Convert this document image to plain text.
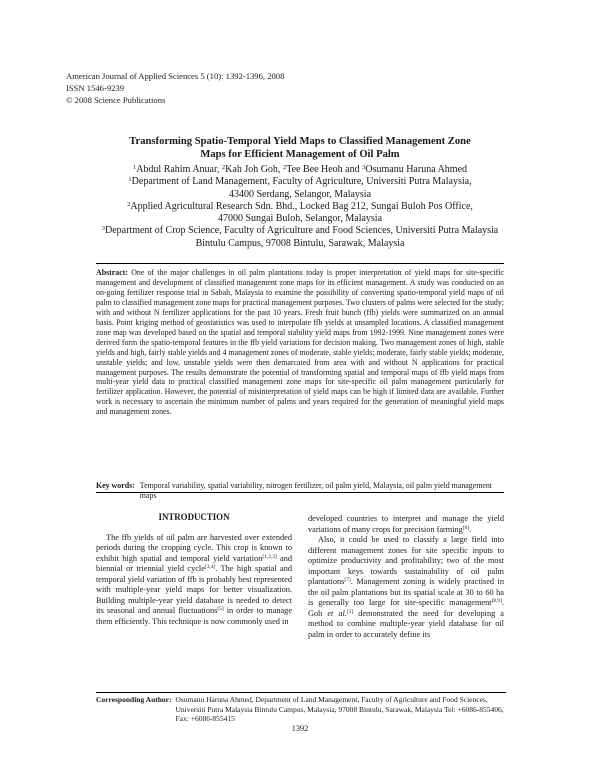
American Journal of Applied Sciences 5 (10): 1392-1396, 2008
ISSN 1546-9239
© 2008 Science Publications
Transforming Spatio-Temporal Yield Maps to Classified Management Zone
Maps for Efficient Management of Oil Palm
$^1$Abdul Rahim Anuar, $^2$Kah Joh Goh, $^2$Tee Bee Heoh and $^3$Osumanu Haruna Ahmed
$^1$Department of Land Management, Faculty of Agriculture, Universiti Putra Malaysia,
43400 Serdang, Selangor, Malaysia
$^2$Applied Agricultural Research Sdn. Bhd., Locked Bag 212, Sungai Buloh Pos Office,
47000 Sungai Buloh, Selangor, Malaysia
$^3$Department of Crop Science, Faculty of Agriculture and Food Sciences, Universiti Putra Malaysia
Bintulu Campus, 97008 Bintulu, Sarawak, Malaysia

Abstract: One of the major challenges in oil palm plantations today is proper interpretation of yield maps for site-specific management and development of classified management zone maps for its efficient management. A study was conducted on an on-going fertilizer response trial in Sabah, Malaysia to examine the possibility of converting spatio-temporal yield maps of oil palm to classified management zone maps for practical management purposes. Two clusters of palms were selected for the study; with and without N fertilizer applications for the past 10 years. Fresh fruit bunch (ffb) yields were summarized on an annual basis. Point kriging method of geostatistics was used to interpolate ffb yields at unsampled locations. A classified management zone map was developed based on the spatial and temporal stability yield maps from 1992-1999. Nine management zones were derived form the spatio-temporal features in the ffb yield variations for decision making. Two management zones of high, stable yields and high, fairly stable yields and 4 management zones of moderate, stable yields; moderate, fairly stable yields; moderate, unstable yields; and low, unstable yields were then demarcated from area with and without N applications for practical management purposes. The results demonstrate the potential of transforming spatial and temporal maps of ffb yield maps from multi-year yield data to practical classified management zone maps for site-specific oil palm management particularly for fertilizer application. However, the potential of misinterpretation of yield maps can be high if limited data are available. Further work is necessary to ascertain the minimum number of palms and years required for the generation of meaningful yield maps and management zones.

Key words: Temporal variability, spatial variability, nitrogen fertilizer, oil palm yield, Malaysia, oil palm yield management maps
INTRODUCTION

The ffb yields of oil palm are harvested over extended periods during the cropping cycle. This crop is known to exhibit high spatial and temporal yield variation[1,2,3] and biennial or triennial yield cycle[3,4]. The high spatial and temporal yield variation of ffb is probably best represented with multiple-year yield maps for better visualization. Building multiple-year yield database is needed to detect its seasonal and annual fluctuations[5] in order to manage them efficiently. This technique is now commonly used in

developed countries to interpret and manage the yield variations of many crops for precision farming[6].

Also, it could be used to classify a large field into different management zones for site specific inputs to optimize productivity and profitability; two of the most important keys towards sustainability of oil palm plantations[7]. Management zoning is widely practised in the oil palm plantations but its spatial scale at 30 to 60 ha is generally too large for site-specific management[8,9]. Goh et al.[3] demonstrated the need for developing a method to combine multiple-year yield database for oil palm in order to accurately define its

Corresponding Author: Osumanu Haruna Ahmed, Department of Land Management, Faculty of Agriculture and Food Sciences, Universiti Putra Malaysia Bintulu Campus, Malaysia, 97008 Bintulu, Sarawak, Malaysia Tel: +6086-855406, Fax: +6086-855415
1392
